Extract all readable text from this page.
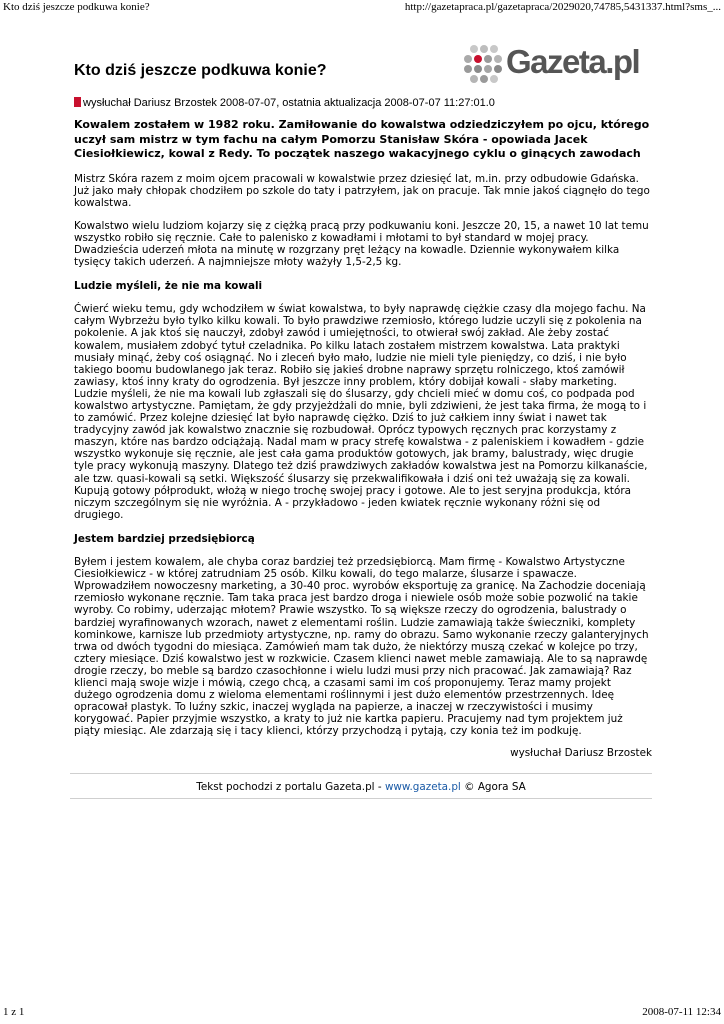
Kto dziś jeszcze podkuwa konie?	http://gazetapraca.pl/gazetapraca/2029020,74785,5431337.html?sms_...
Kto dziś jeszcze podkuwa konie?	Gazeta.pl
wysłuchał Dariusz Brzostek 2008-07-07, ostatnia aktualizacja 2008-07-07 11:27:01.0

Kowalem zostałem w 1982 roku. Zamiłowanie do kowalstwa odziedziczyłem po ojcu, którego uczył sam mistrz w tym fachu na całym Pomorzu Stanisław Skóra - opowiada Jacek Ciesiołkiewicz, kowal z Redy. To początek naszego wakacyjnego cyklu o ginących zawodach

Mistrz Skóra razem z moim ojcem pracowali w kowalstwie przez dziesięć lat, m.in. przy odbudowie Gdańska. Już jako mały chłopak chodziłem po szkole do taty i patrzyłem, jak on pracuje. Tak mnie jakoś ciągnęło do tego kowalstwa.

Kowalstwo wielu ludziom kojarzy się z ciężką pracą przy podkuwaniu koni. Jeszcze 20, 15, a nawet 10 lat temu wszystko robiło się ręcznie. Całe to palenisko z kowadłami i młotami to był standard w mojej pracy. Dwadzieścia uderzeń młota na minutę w rozgrzany pręt leżący na kowadle. Dziennie wykonywałem kilka tysięcy takich uderzeń. A najmniejsze młoty ważyły 1,5-2,5 kg.

Ludzie myśleli, że nie ma kowali

Ćwierć wieku temu, gdy wchodziłem w świat kowalstwa, to były naprawdę ciężkie czasy dla mojego fachu. Na całym Wybrzeżu było tylko kilku kowali. To było prawdziwe rzemiosło, którego ludzie uczyli się z pokolenia na pokolenie. A jak ktoś się nauczył, zdobył zawód i umiejętności, to otwierał swój zakład. Ale żeby zostać kowalem, musiałem zdobyć tytuł czeladnika. Po kilku latach zostałem mistrzem kowalstwa. Lata praktyki musiały minąć, żeby coś osiągnąć. No i zleceń było mało, ludzie nie mieli tyle pieniędzy, co dziś, i nie było takiego boomu budowlanego jak teraz. Robiło się jakieś drobne naprawy sprzętu rolniczego, ktoś zamówił zawiasy, ktoś inny kraty do ogrodzenia. Był jeszcze inny problem, który dobijał kowali - słaby marketing. Ludzie myśleli, że nie ma kowali lub zgłaszali się do ślusarzy, gdy chcieli mieć w domu coś, co podpada pod kowalstwo artystyczne. Pamiętam, że gdy przyjeżdżali do mnie, byli zdziwieni, że jest taka firma, że mogą to i to zamówić. Przez kolejne dziesięć lat było naprawdę ciężko. Dziś to już całkiem inny świat i nawet tak tradycyjny zawód jak kowalstwo znacznie się rozbudował. Oprócz typowych ręcznych prac korzystamy z maszyn, które nas bardzo odciążają. Nadal mam w pracy strefę kowalstwa - z paleniskiem i kowadłem - gdzie wszystko wykonuje się ręcznie, ale jest cała gama produktów gotowych, jak bramy, balustrady, więc drugie tyle pracy wykonują maszyny. Dlatego też dziś prawdziwych zakładów kowalstwa jest na Pomorzu kilkanaście, ale tzw. quasi-kowali są setki. Większość ślusarzy się przekwalifikowała i dziś oni też uważają się za kowali. Kupują gotowy półprodukt, włożą w niego trochę swojej pracy i gotowe. Ale to jest seryjna produkcja, która niczym szczególnym się nie wyróżnia. A - przykładowo - jeden kwiatek ręcznie wykonany różni się od drugiego.

Jestem bardziej przedsiębiorcą

Byłem i jestem kowalem, ale chyba coraz bardziej też przedsiębiorcą. Mam firmę - Kowalstwo Artystyczne Ciesiołkiewicz - w której zatrudniam 25 osób. Kilku kowali, do tego malarze, ślusarze i spawacze. Wprowadziłem nowoczesny marketing, a 30-40 proc. wyrobów eksportuję za granicę. Na Zachodzie doceniają rzemiosło wykonane ręcznie. Tam taka praca jest bardzo droga i niewiele osób może sobie pozwolić na takie wyroby. Co robimy, uderzając młotem? Prawie wszystko. To są większe rzeczy do ogrodzenia, balustrady o bardziej wyrafinowanych wzorach, nawet z elementami roślin. Ludzie zamawiają także świeczniki, komplety kominkowe, karnisze lub przedmioty artystyczne, np. ramy do obrazu. Samo wykonanie rzeczy galanteryjnych trwa od dwóch tygodni do miesiąca. Zamówień mam tak dużo, że niektórzy muszą czekać w kolejce po trzy, cztery miesiące. Dziś kowalstwo jest w rozkwicie. Czasem klienci nawet meble zamawiają. Ale to są naprawdę drogie rzeczy, bo meble są bardzo czasochłonne i wielu ludzi musi przy nich pracować. Jak zamawiają? Raz klienci mają swoje wizje i mówią, czego chcą, a czasami sami im coś proponujemy. Teraz mamy projekt dużego ogrodzenia domu z wieloma elementami roślinnymi i jest dużo elementów przestrzennych. Ideę opracował plastyk. To luźny szkic, inaczej wygląda na papierze, a inaczej w rzeczywistości i musimy korygować. Papier przyjmie wszystko, a kraty to już nie kartka papieru. Pracujemy nad tym projektem już piąty miesiąc. Ale zdarzają się i tacy klienci, którzy przychodzą i pytają, czy konia też im podkuję.

wysłuchał Dariusz Brzostek
Tekst pochodzi z portalu Gazeta.pl - www.gazeta.pl © Agora SA
1 z 1	2008-07-11 12:34
